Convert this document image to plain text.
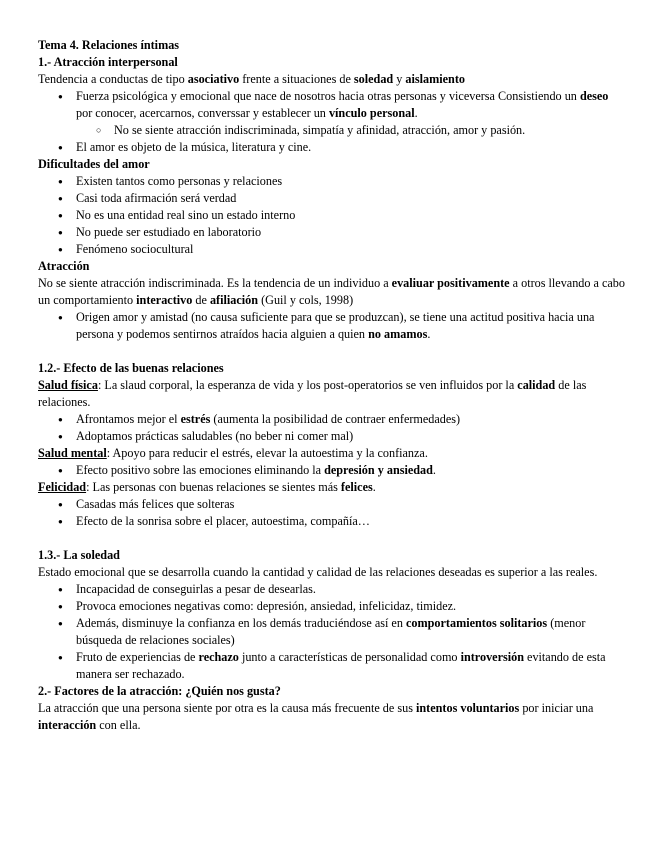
Tema 4. Relaciones íntimas

1.- Atracción interpersonal

Tendencia a conductas de tipo asociativo frente a situaciones de soledad y aislamiento

● Fuerza psicológica y emocional que nace de nosotros hacia otras personas y viceversa Consistiendo un deseo por conocer, acercarnos, converssar y establecer un vínculo personal.
○ No se siente atracción indiscriminada, simpatía y afinidad, atracción, amor y pasión.
● El amor es objeto de la música, literatura y cine.

Dificultades del amor

● Existen tantos como personas y relaciones
● Casi toda afirmación será verdad
● No es una entidad real sino un estado interno
● No puede ser estudiado en laboratorio
● Fenómeno sociocultural

Atracción

No se siente atracción indiscriminada. Es la tendencia de un individuo a evaliuar positivamente a otros llevando a cabo un comportamiento interactivo de afiliación (Guil y cols, 1998)

● Origen amor y amistad (no causa suficiente para que se produzcan), se tiene una actitud positiva hacia una persona y podemos sentirnos atraídos hacia alguien a quien no amamos.

1.2.- Efecto de las buenas relaciones

Salud física: La slaud corporal, la esperanza de vida y los post-operatorios se ven influidos por la calidad de las relaciones.

● Afrontamos mejor el estrés (aumenta la posibilidad de contraer enfermedades)
● Adoptamos prácticas saludables (no beber ni comer mal)

Salud mental: Apoyo para reducir el estrés, elevar la autoestima y la confianza.

● Efecto positivo sobre las emociones eliminando la depresión y ansiedad.

Felicidad: Las personas con buenas relaciones se sientes más felices.

● Casadas más felices que solteras
● Efecto de la sonrisa sobre el placer, autoestima, compañía…

1.3.- La soledad

Estado emocional que se desarrolla cuando la cantidad y calidad de las relaciones deseadas es superior a las reales.

● Incapacidad de conseguirlas a pesar de desearlas.
● Provoca emociones negativas como: depresión, ansiedad, infelicidaz, timidez.
● Además, disminuye la confianza en los demás traduciéndose así en comportamientos solitarios (menor búsqueda de relaciones sociales)
● Fruto de experiencias de rechazo junto a características de personalidad como introversión evitando de esta manera ser rechazado.

2.- Factores de la atracción: ¿Quién nos gusta?

La atracción que una persona siente por otra es la causa más frecuente de sus intentos voluntarios por iniciar una interacción con ella.
